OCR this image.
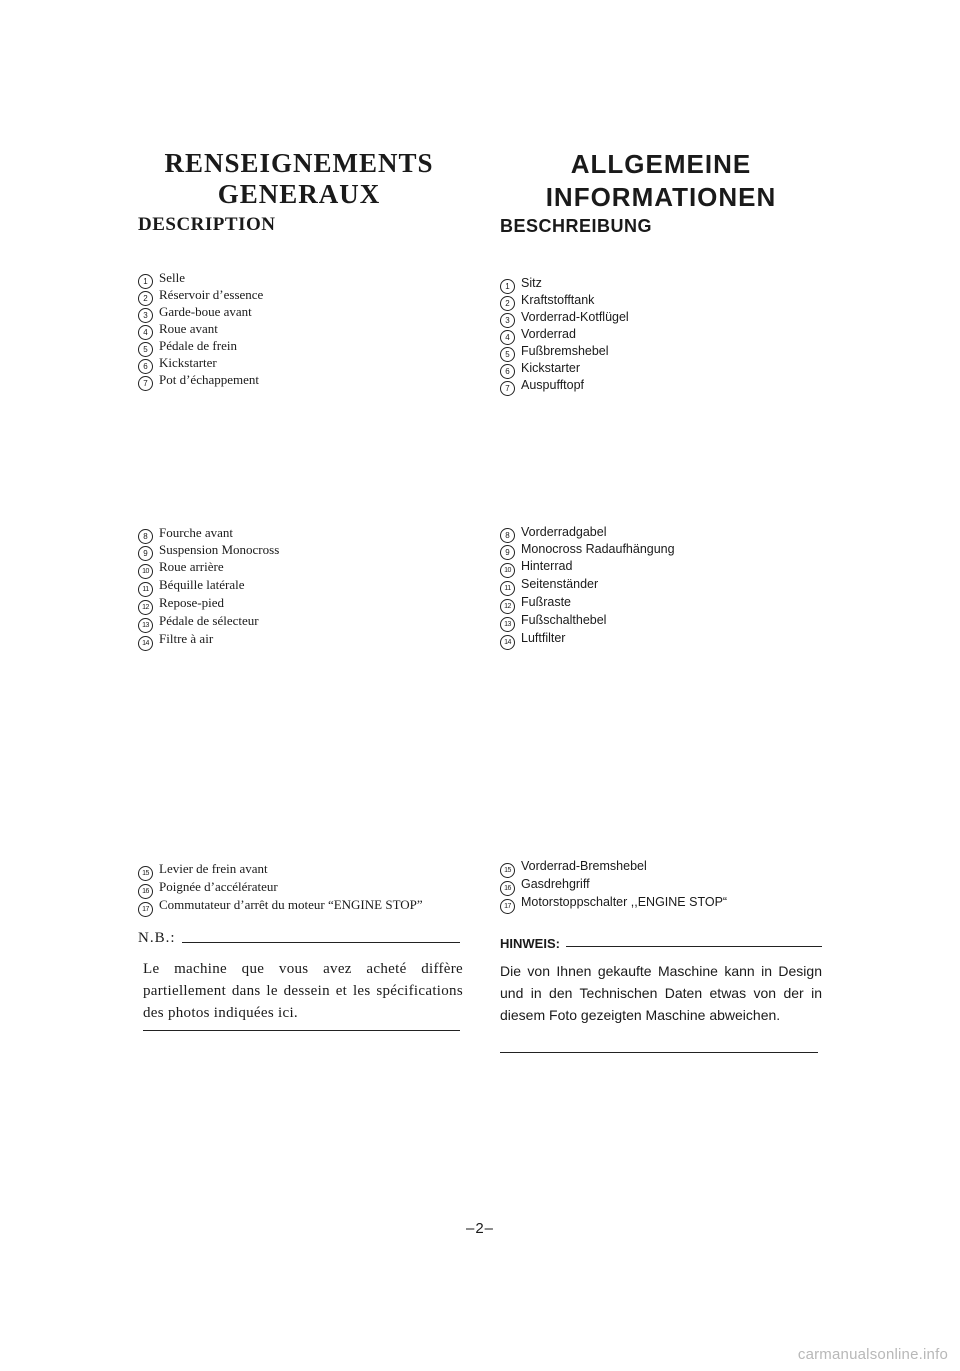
RENSEIGNEMENTS
GENERAUX
ALLGEMEINE
INFORMATIONEN
DESCRIPTION	BESCHREIBUNG
1 Selle
2 Réservoir d’essence
3 Garde-boue avant
4 Roue avant
5 Pédale de frein
6 Kickstarter
7 Pot d’échappement
8 Fourche avant
9 Suspension Monocross
10 Roue arrière
11 Béquille latérale
12 Repose-pied
13 Pédale de sélecteur
14 Filtre à air
15 Levier de frein avant
16 Poignée d’accélérateur
17 Commutateur d’arrêt du moteur “ENGINE STOP”
1 Sitz
2 Kraftstofftank
3 Vorderrad-Kotflügel
4 Vorderrad
5 Fußbremshebel
6 Kickstarter
7 Auspufftopf
8 Vorderradgabel
9 Monocross Radaufhängung
10 Hinterrad
11 Seitenständer
12 Fußraste
13 Fußschalthebel
14 Luftfilter
15 Vorderrad-Bremshebel
16 Gasdrehgriff
17 Motorstoppschalter ,,ENGINE STOP“
N.B.:
Le machine que vous avez acheté diffère partiellement dans le dessein et les spécifications des photos indiquées ici.
HINWEIS:
Die von Ihnen gekaufte Maschine kann in Design und in den Technischen Daten etwas von der in diesem Foto gezeigten Maschine abweichen.
–2–
carmanualsonline.info
